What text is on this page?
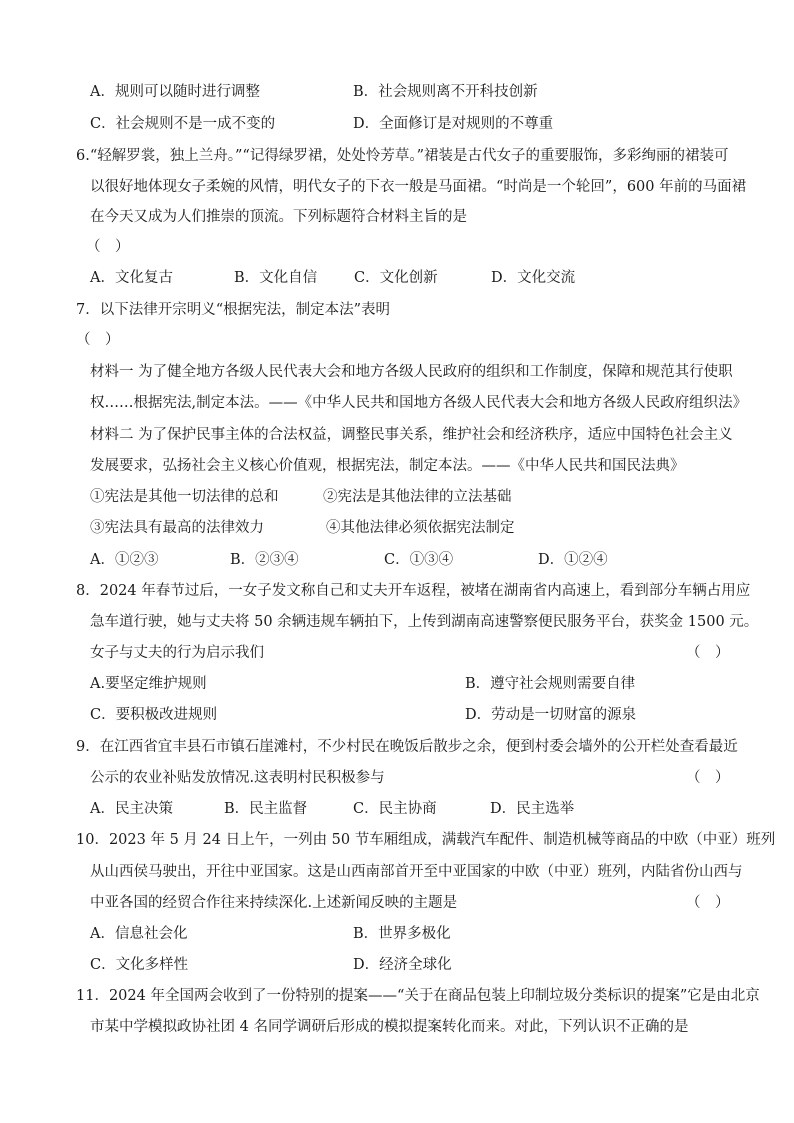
A．规则可以随时进行调整	B．社会规则离不开科技创新
C．社会规则不是一成不变的	D．全面修订是对规则的不尊重
6.“轻解罗裳，独上兰舟。”“记得绿罗裙，处处怜芳草。”裙装是古代女子的重要服饰，多彩绚丽的裙装可
以很好地体现女子柔婉的风情，明代女子的下衣一般是马面裙。“时尚是一个轮回”，600 年前的马面裙
在今天又成为人们推崇的顶流。下列标题符合材料主旨的是
（　）
A．文化复古	B．文化自信	C．文化创新	D．文化交流
7．以下法律开宗明义“根据宪法，制定本法”表明
（　）
材料一 为了健全地方各级人民代表大会和地方各级人民政府的组织和工作制度，保障和规范其行使职
权……根据宪法,制定本法。——《中华人民共和国地方各级人民代表大会和地方各级人民政府组织法》
材料二 为了保护民事主体的合法权益，调整民事关系，维护社会和经济秩序，适应中国特色社会主义
发展要求，弘扬社会主义核心价值观，根据宪法，制定本法。——《中华人民共和国民法典》
①宪法是其他一切法律的总和	②宪法是其他法律的立法基础
③宪法具有最高的法律效力	④其他法律必须依据宪法制定
A．①②③	B．②③④	C．①③④	D．①②④
8．2024 年春节过后，一女子发文称自己和丈夫开车返程，被堵在湖南省内高速上，看到部分车辆占用应
急车道行驶，她与丈夫将 50 余辆违规车辆拍下，上传到湖南高速警察便民服务平台，获奖金 1500 元。
女子与丈夫的行为启示我们	（　）
A.要坚定维护规则	B．遵守社会规则需要自律
C．要积极改进规则	D．劳动是一切财富的源泉
9．在江西省宜丰县石市镇石崖滩村，不少村民在晚饭后散步之余，便到村委会墙外的公开栏处查看最近
公示的农业补贴发放情况.这表明村民积极参与	（　）
A．民主决策	B．民主监督	C．民主协商	D．民主选举
10．2023 年 5 月 24 日上午，一列由 50 节车厢组成，满载汽车配件、制造机械等商品的中欧（中亚）班列
从山西侯马驶出，开往中亚国家。这是山西南部首开至中亚国家的中欧（中亚）班列，内陆省份山西与
中亚各国的经贸合作往来持续深化.上述新闻反映的主题是	（　）
A．信息社会化	B．世界多极化
C．文化多样性	D．经济全球化
11．2024 年全国两会收到了一份特别的提案——“关于在商品包装上印制垃圾分类标识的提案”它是由北京
市某中学模拟政协社团 4 名同学调研后形成的模拟提案转化而来。对此，下列认识不正确的是
